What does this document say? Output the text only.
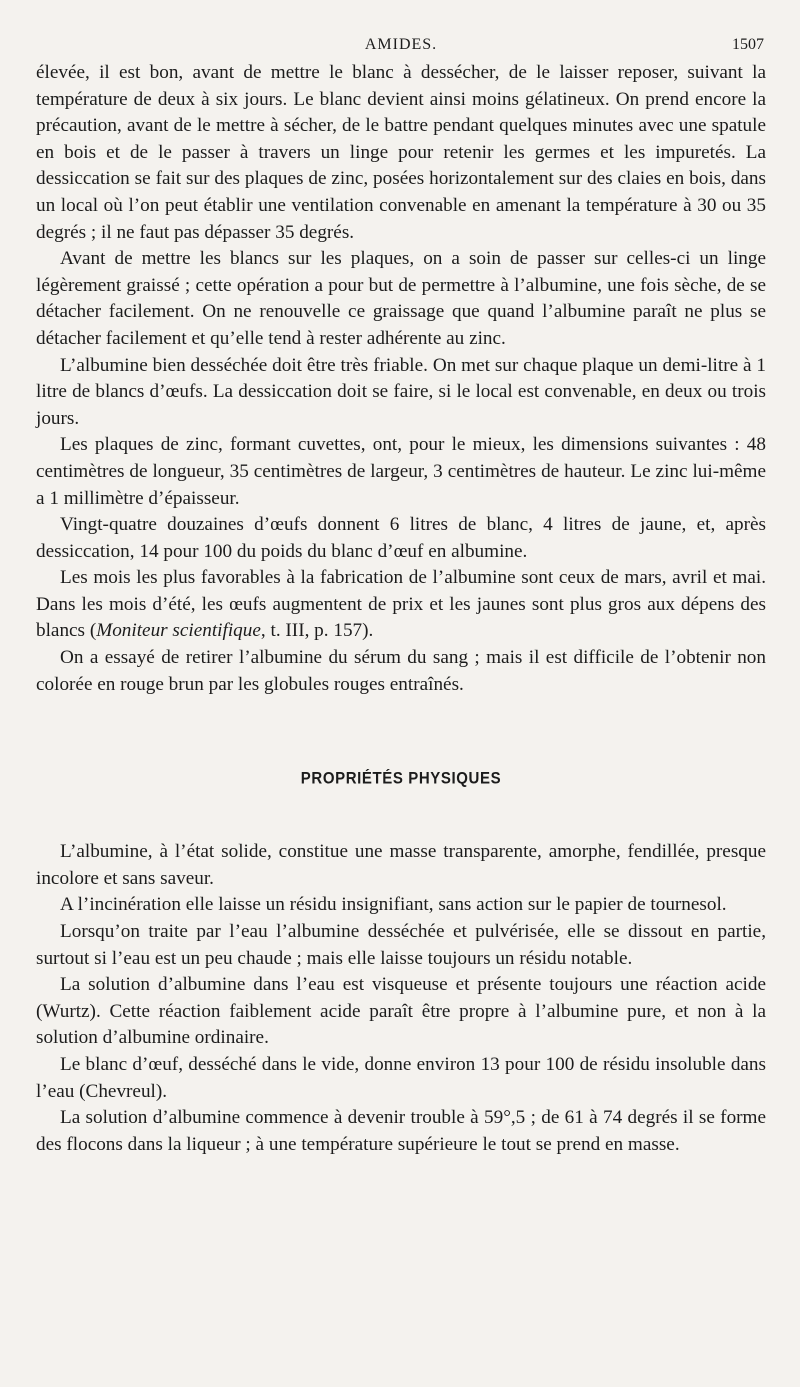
AMIDES.	1507

élevée, il est bon, avant de mettre le blanc à dessécher, de le laisser reposer, suivant la température de deux à six jours. Le blanc devient ainsi moins gélatineux. On prend encore la précaution, avant de le mettre à sécher, de le battre pendant quelques minutes avec une spatule en bois et de le passer à travers un linge pour retenir les germes et les impuretés. La dessiccation se fait sur des plaques de zinc, posées horizontalement sur des claies en bois, dans un local où l’on peut établir une ventilation convenable en amenant la température à 30 ou 35 degrés ; il ne faut pas dépasser 35 degrés.

Avant de mettre les blancs sur les plaques, on a soin de passer sur celles-ci un linge légèrement graissé ; cette opération a pour but de permettre à l’albumine, une fois sèche, de se détacher facilement. On ne renouvelle ce graissage que quand l’albumine paraît ne plus se détacher facilement et qu’elle tend à rester adhérente au zinc.

L’albumine bien desséchée doit être très friable. On met sur chaque plaque un demi-litre à 1 litre de blancs d’œufs. La dessiccation doit se faire, si le local est convenable, en deux ou trois jours.

Les plaques de zinc, formant cuvettes, ont, pour le mieux, les dimensions suivantes : 48 centimètres de longueur, 35 centimètres de largeur, 3 centimètres de hauteur. Le zinc lui-même a 1 millimètre d’épaisseur.

Vingt-quatre douzaines d’œufs donnent 6 litres de blanc, 4 litres de jaune, et, après dessiccation, 14 pour 100 du poids du blanc d’œuf en albumine.

Les mois les plus favorables à la fabrication de l’albumine sont ceux de mars, avril et mai. Dans les mois d’été, les œufs augmentent de prix et les jaunes sont plus gros aux dépens des blancs (Moniteur scientifique, t. III, p. 157).

On a essayé de retirer l’albumine du sérum du sang ; mais il est difficile de l’obtenir non colorée en rouge brun par les globules rouges entraînés.

PROPRIÉTÉS PHYSIQUES

L’albumine, à l’état solide, constitue une masse transparente, amorphe, fendillée, presque incolore et sans saveur.

A l’incinération elle laisse un résidu insignifiant, sans action sur le papier de tournesol.

Lorsqu’on traite par l’eau l’albumine desséchée et pulvérisée, elle se dissout en partie, surtout si l’eau est un peu chaude ; mais elle laisse toujours un résidu notable.

La solution d’albumine dans l’eau est visqueuse et présente toujours une réaction acide (Wurtz). Cette réaction faiblement acide paraît être propre à l’albumine pure, et non à la solution d’albumine ordinaire.

Le blanc d’œuf, desséché dans le vide, donne environ 13 pour 100 de résidu insoluble dans l’eau (Chevreul).

La solution d’albumine commence à devenir trouble à 59°,5 ; de 61 à 74 degrés il se forme des flocons dans la liqueur ; à une température supérieure le tout se prend en masse.
